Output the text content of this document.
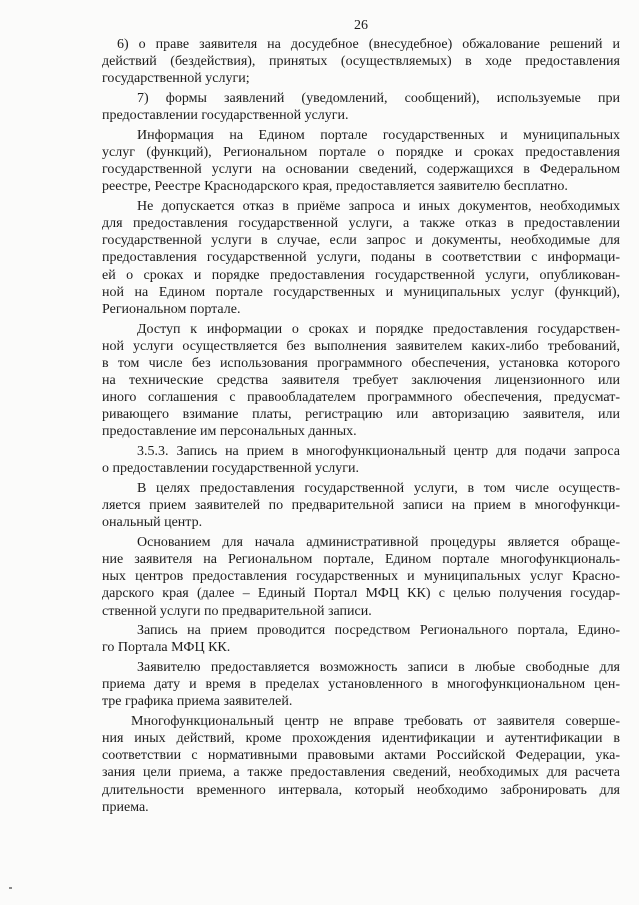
26
6) о праве заявителя на досудебное (внесудебное) обжалование решений и
действий (бездействия), принятых (осуществляемых) в ходе предоставления
государственной услуги;
7) формы заявлений (уведомлений, сообщений), используемые при
предоставлении государственной услуги.
Информация на Едином портале государственных и муниципальных
услуг (функций), Региональном портале о порядке и сроках предоставления
государственной услуги на основании сведений, содержащихся в Федеральном
реестре, Реестре Краснодарского края, предоставляется заявителю бесплатно.
Не допускается отказ в приёме запроса и иных документов, необходимых
для предоставления государственной услуги, а также отказ в предоставлении
государственной услуги в случае, если запрос и документы, необходимые для
предоставления государственной услуги, поданы в соответствии с информаци-
ей о сроках и порядке предоставления государственной услуги, опубликован-
ной на Едином портале государственных и муниципальных услуг (функций),
Региональном портале.
Доступ к информации о сроках и порядке предоставления государствен-
ной услуги осуществляется без выполнения заявителем каких-либо требований,
в том числе без использования программного обеспечения, установка которого
на технические средства заявителя требует заключения лицензионного или
иного соглашения с правообладателем программного обеспечения, предусмат-
ривающего взимание платы, регистрацию или авторизацию заявителя, или
предоставление им персональных данных.
3.5.3. Запись на прием в многофункциональный центр для подачи запроса
о предоставлении государственной услуги.
В целях предоставления государственной услуги, в том числе осуществ-
ляется прием заявителей по предварительной записи на прием в многофункци-
ональный центр.
Основанием для начала административной процедуры является обраще-
ние заявителя на Региональном портале, Едином портале многофункциональ-
ных центров предоставления государственных и муниципальных услуг Красно-
дарского края (далее – Единый Портал МФЦ КК) с целью получения государ-
ственной услуги по предварительной записи.
Запись на прием проводится посредством Регионального портала, Едино-
го Портала МФЦ КК.
Заявителю предоставляется возможность записи в любые свободные для
приема дату и время в пределах установленного в многофункциональном цен-
тре графика приема заявителей.
Многофункциональный центр не вправе требовать от заявителя соверше-
ния иных действий, кроме прохождения идентификации и аутентификации в
соответствии с нормативными правовыми актами Российской Федерации, ука-
зания цели приема, а также предоставления сведений, необходимых для расчета
длительности временного интервала, который необходимо забронировать для
приема.
